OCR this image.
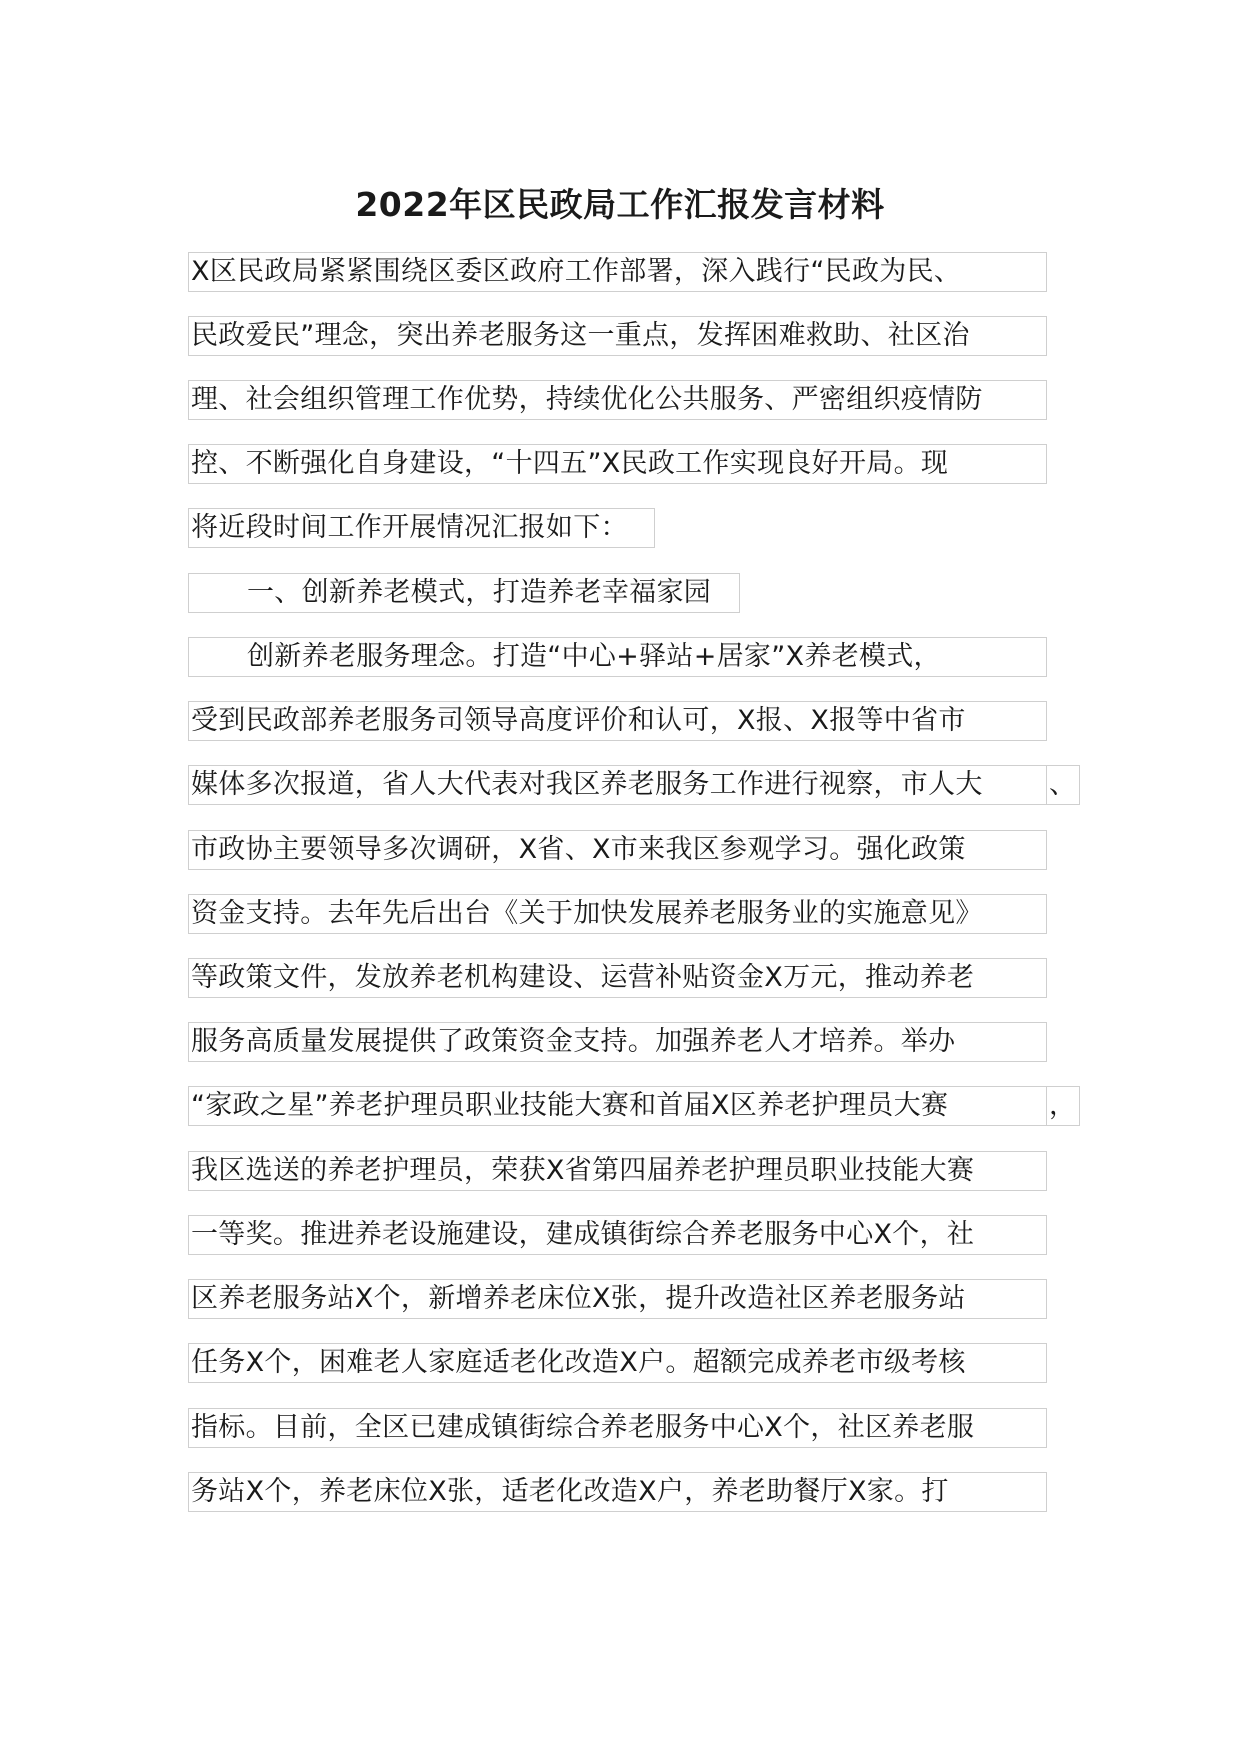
2022年区民政局工作汇报发言材料
X区民政局紧紧围绕区委区政府工作部署，深入践行“民政为民、
民政爱民”理念，突出养老服务这一重点，发挥困难救助、社区治
理、社会组织管理工作优势，持续优化公共服务、严密组织疫情防
控、不断强化自身建设，“十四五”X民政工作实现良好开局。现
将近段时间工作开展情况汇报如下：
一、创新养老模式，打造养老幸福家园
创新养老服务理念。打造“中心+驿站+居家”X养老模式，
受到民政部养老服务司领导高度评价和认可，X报、X报等中省市
媒体多次报道，省人大代表对我区养老服务工作进行视察，市人大	、
市政协主要领导多次调研，X省、X市来我区参观学习。强化政策
资金支持。去年先后出台《关于加快发展养老服务业的实施意见》
等政策文件，发放养老机构建设、运营补贴资金X万元，推动养老
服务高质量发展提供了政策资金支持。加强养老人才培养。举办
“家政之星”养老护理员职业技能大赛和首届X区养老护理员大赛	，
我区选送的养老护理员，荣获X省第四届养老护理员职业技能大赛
一等奖。推进养老设施建设，建成镇街综合养老服务中心X个，社
区养老服务站X个，新增养老床位X张，提升改造社区养老服务站
任务X个，困难老人家庭适老化改造X户。超额完成养老市级考核
指标。目前，全区已建成镇街综合养老服务中心X个，社区养老服
务站X个，养老床位X张，适老化改造X户，养老助餐厅X家。打
